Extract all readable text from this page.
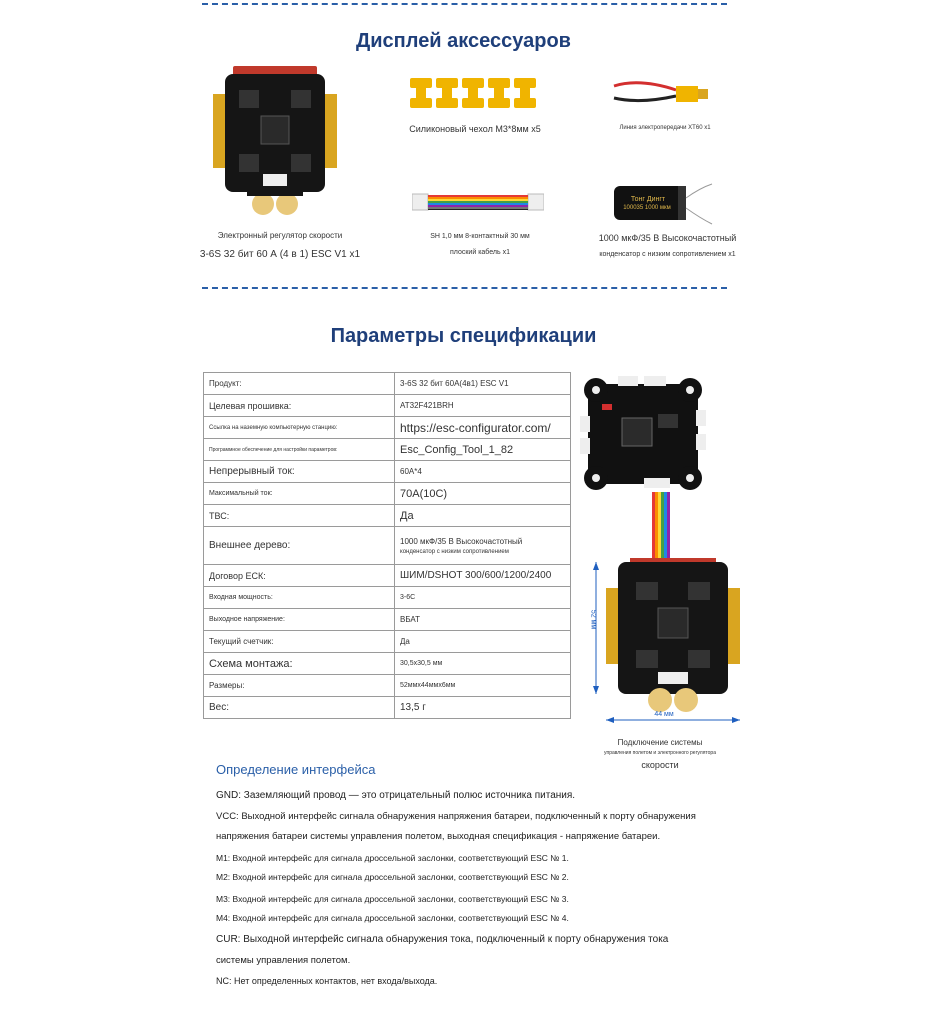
Дисплей аксессуаров
Электронный регулятор скорости
3-6S 32 бит 60 А (4 в 1) ESC V1 x1
Силиконовый чехол M3*8мм x5	Линия электропередачи XT60 x1
SH 1,0 мм 8-контактный 30 мм
плоский кабель x1
Тонг Дингт
100035 1000 мкм
1000 мкФ/35 В Высокочастотный
конденсатор с низким сопротивлением x1
Параметры спецификации
Продукт:	3-6S 32 бит 60A(4в1) ESC V1
Целевая прошивка:	AT32F421BRH
Ссылка на наземную компьютерную станцию:	https://esc-configurator.com/
Программное обеспечение для настройки параметров:	Esc_Config_Tool_1_82
Непрерывный ток:	60A*4
Максимальный ток:	70A(10C)
ТВС:	Да
Внешнее дерево:	1000 мкФ/35 В Высокочастотный
конденсатор с низким сопротивлением

Договор ЕСК:	ШИМ/DSHOT 300/600/1200/2400
Входная мощность:	3-6С
Выходное напряжение:	ВБАТ
Текущий счетчик:	Да
Схема монтажа:	30,5х30,5 мм
Размеры:	52ммх44ммх6мм
Вес:	13,5 г
52 мм
44 мм
Подключение системы
управления полетом и электронного регулятора
скорости
Определение интерфейса
GND: Заземляющий провод — это отрицательный полюс источника питания.
VCC: Выходной интерфейс сигнала обнаружения напряжения батареи, подключенный к порту обнаружения
напряжения батареи системы управления полетом, выходная спецификация - напряжение батареи.
M1: Входной интерфейс для сигнала дроссельной заслонки, соответствующий ESC № 1.
M2: Входной интерфейс для сигнала дроссельной заслонки, соответствующий ESC № 2.
M3: Входной интерфейс для сигнала дроссельной заслонки, соответствующий ESC № 3.
M4: Входной интерфейс для сигнала дроссельной заслонки, соответствующий ESC № 4.
CUR: Выходной интерфейс сигнала обнаружения тока, подключенный к порту обнаружения тока
системы управления полетом.
NC: Нет определенных контактов, нет входа/выхода.
